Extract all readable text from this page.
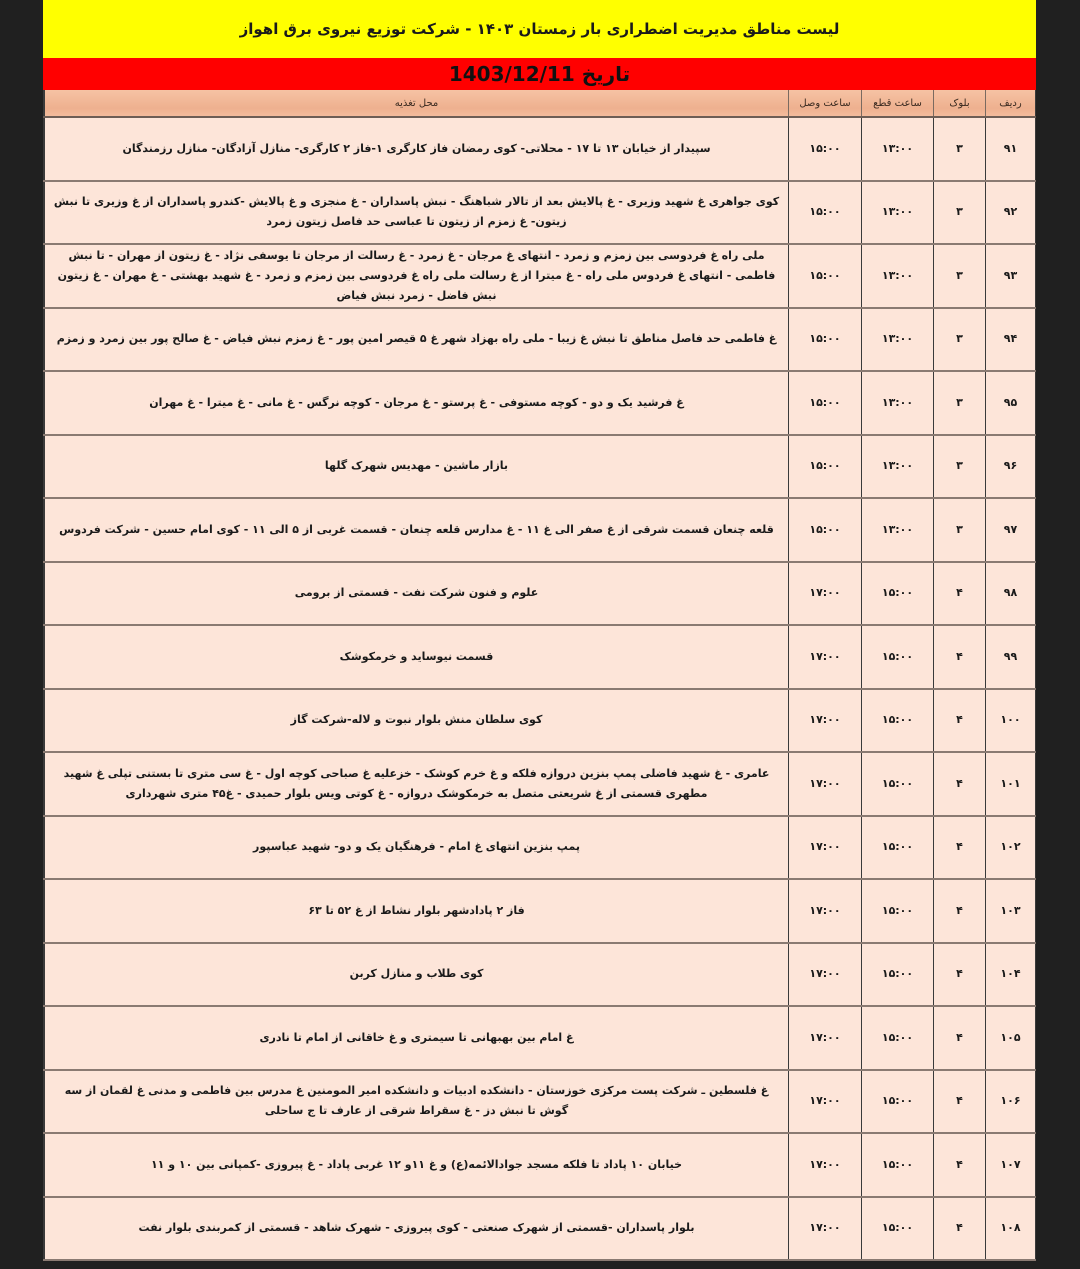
لیست مناطق مدیریت اضطراری بار زمستان ۱۴۰۳ - شرکت توزیع نیروی برق اهواز
تاریخ 1403/12/11
ردیف	بلوک	ساعت قطع	ساعت وصل	محل تغذیه
۹۱	۳	۱۳:۰۰	۱۵:۰۰	سپیدار از خیابان ۱۳ تا ۱۷ - محلاتی- کوی رمضان فاز کارگری ۱-فاز ۲ کارگری- منازل آزادگان- منازل رزمندگان
۹۲	۳	۱۳:۰۰	۱۵:۰۰	کوی جواهری غ شهید وزیری - غ پالایش بعد از تالار شباهنگ - نبش پاسداران - غ منجزی و غ پالایش -کندرو پاسداران از غ وزیری تا نبش زیتون- غ زمزم از زیتون تا عباسی حد فاصل زیتون زمرد
۹۳	۳	۱۳:۰۰	۱۵:۰۰	ملی راه غ فردوسی بین زمزم و زمرد - انتهای غ مرجان - غ زمرد - غ رسالت از مرجان تا یوسفی نژاد - غ زیتون از مهران - تا نبش فاطمی - انتهای غ فردوس ملی راه - غ میترا از غ رسالت ملی راه غ فردوسی بین زمزم و زمرد - غ شهید بهشتی - غ مهران - غ زیتون نبش فاضل - زمرد نبش فیاض
۹۴	۳	۱۳:۰۰	۱۵:۰۰	غ فاطمی حد فاصل مناطق تا نبش غ زیبا - ملی راه بهزاد شهر غ ۵ قیصر امین پور - غ زمزم نبش فیاض - غ صالح پور بین زمرد و زمزم
۹۵	۳	۱۳:۰۰	۱۵:۰۰	غ فرشید یک و دو - کوچه مستوفی - غ پرستو - غ مرجان - کوچه نرگس - غ مانی - غ میترا - غ مهران
۹۶	۳	۱۳:۰۰	۱۵:۰۰	بازار ماشین - مهدیس شهرک گلها
۹۷	۳	۱۳:۰۰	۱۵:۰۰	قلعه چنعان قسمت شرقی از غ صفر الی غ ۱۱ - غ مدارس قلعه چنعان - قسمت غربی از ۵ الی ۱۱ - کوی امام حسین - شرکت فردوس
۹۸	۴	۱۵:۰۰	۱۷:۰۰	علوم و فنون شرکت نفت - قسمتی از برومی
۹۹	۴	۱۵:۰۰	۱۷:۰۰	قسمت نیوساید و خرمکوشک
۱۰۰	۴	۱۵:۰۰	۱۷:۰۰	کوی سلطان منش بلوار نبوت و لاله-شرکت گاز
۱۰۱	۴	۱۵:۰۰	۱۷:۰۰	عامری - غ شهید فاضلی پمپ بنزین دروازه فلکه و غ خرم کوشک - خزعلیه غ صباحی کوچه اول - غ سی متری تا بستنی تپلی غ شهید مطهری قسمتی از غ شریعتی متصل به خرمکوشک دروازه - غ کوتی ویس بلوار حمیدی - غ۴۵ متری شهرداری
۱۰۲	۴	۱۵:۰۰	۱۷:۰۰	پمپ بنزین انتهای غ امام - فرهنگیان یک و دو- شهید عباسپور
۱۰۳	۴	۱۵:۰۰	۱۷:۰۰	فاز ۲ پادادشهر بلوار نشاط از غ ۵۲ تا ۶۳
۱۰۴	۴	۱۵:۰۰	۱۷:۰۰	کوی طلاب و منازل کربن
۱۰۵	۴	۱۵:۰۰	۱۷:۰۰	غ امام بین بهبهانی تا سیمتری و غ خاقانی از امام تا نادری
۱۰۶	۴	۱۵:۰۰	۱۷:۰۰	غ فلسطین ـ شرکت پست مرکزی خوزستان - دانشکده ادبیات و دانشکده امیر المومنین غ مدرس بین فاطمی و مدنی غ لقمان از سه گوش تا نبش دز - غ سقراط شرقی از عارف تا ج ساحلی
۱۰۷	۴	۱۵:۰۰	۱۷:۰۰	خیابان ۱۰ پاداد تا فلکه مسجد جوادالائمه(ع) و غ ۱۱و ۱۲ غربی پاداد - غ پیروزی -کمپانی بین ۱۰ و ۱۱
۱۰۸	۴	۱۵:۰۰	۱۷:۰۰	بلوار پاسداران -قسمتی از شهرک صنعتی - کوی پیروزی - شهرک شاهد - قسمتی از کمربندی بلوار نفت
